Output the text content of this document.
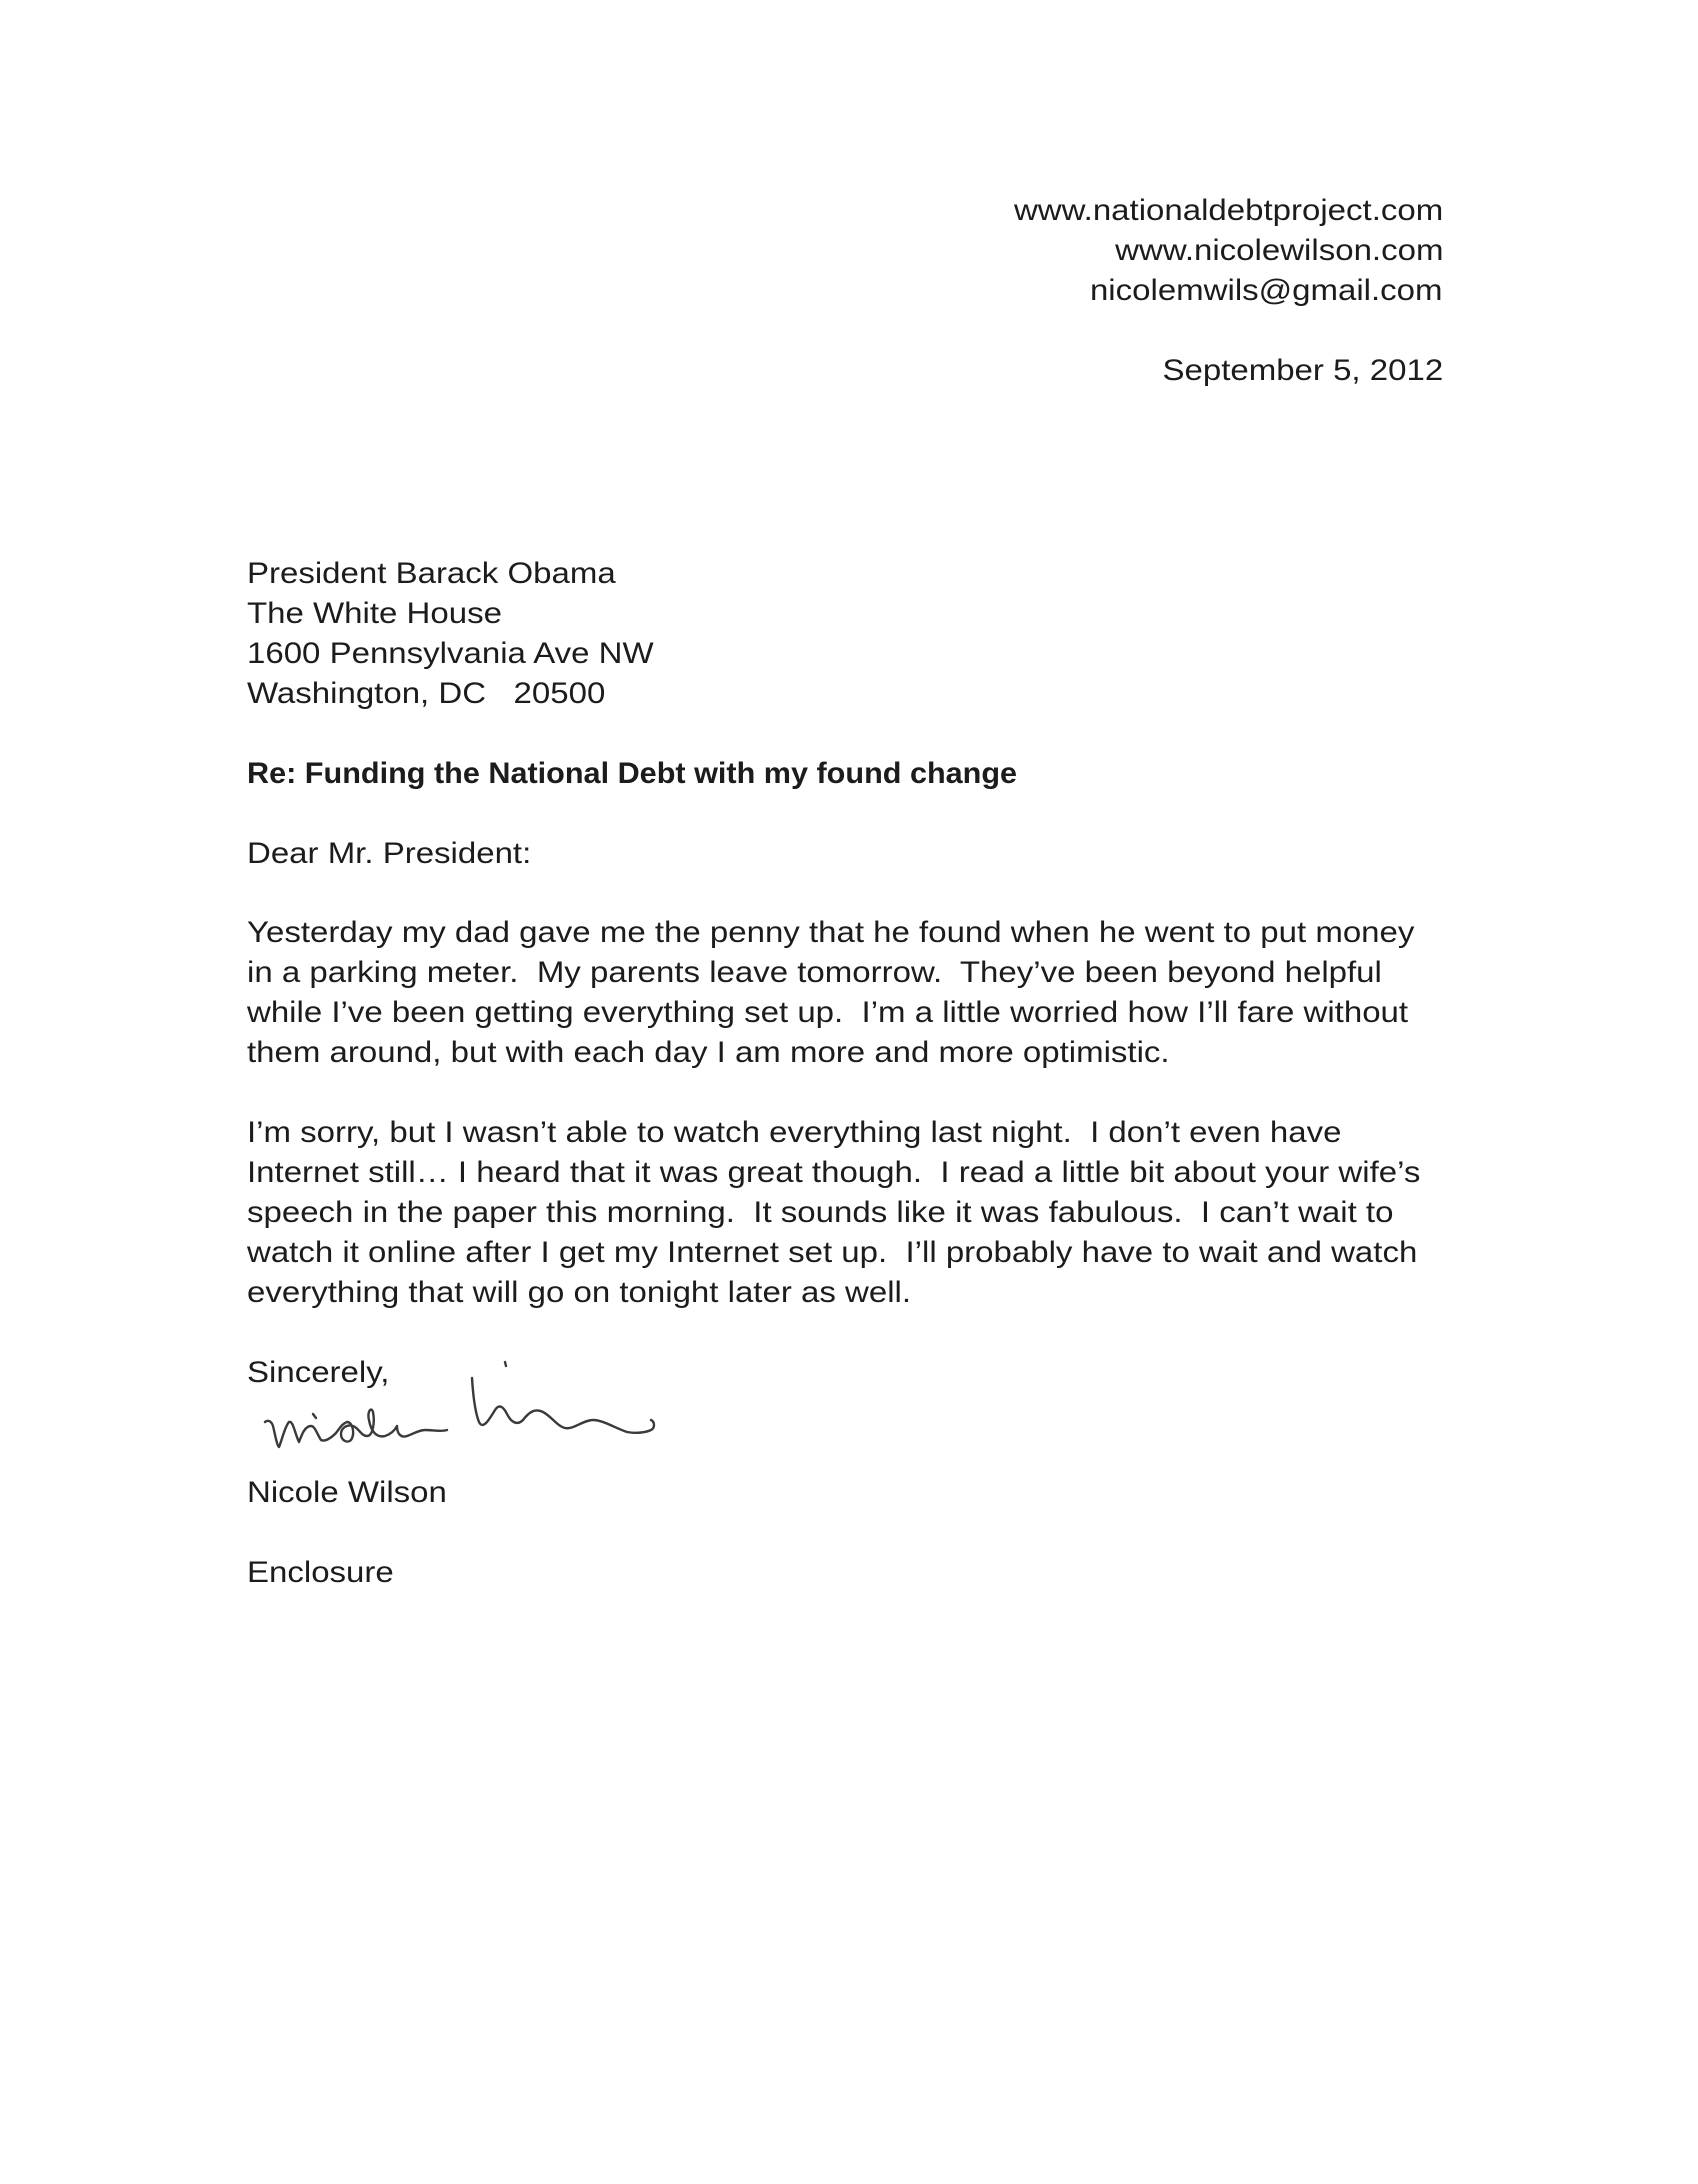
www.nationaldebtproject.com
www.nicolewilson.com
nicolemwils@gmail.com
September 5, 2012
President Barack Obama
The White House
1600 Pennsylvania Ave NW
Washington, DC   20500
Re: Funding the National Debt with my found change
Dear Mr. President:
Yesterday my dad gave me the penny that he found when he went to put money
in a parking meter.  My parents leave tomorrow.  They’ve been beyond helpful
while I’ve been getting everything set up.  I’m a little worried how I’ll fare without
them around, but with each day I am more and more optimistic.
I’m sorry, but I wasn’t able to watch everything last night.  I don’t even have
Internet still… I heard that it was great though.  I read a little bit about your wife’s
speech in the paper this morning.  It sounds like it was fabulous.  I can’t wait to
watch it online after I get my Internet set up.  I’ll probably have to wait and watch
everything that will go on tonight later as well.
Sincerely,
Nicole Wilson
Enclosure
